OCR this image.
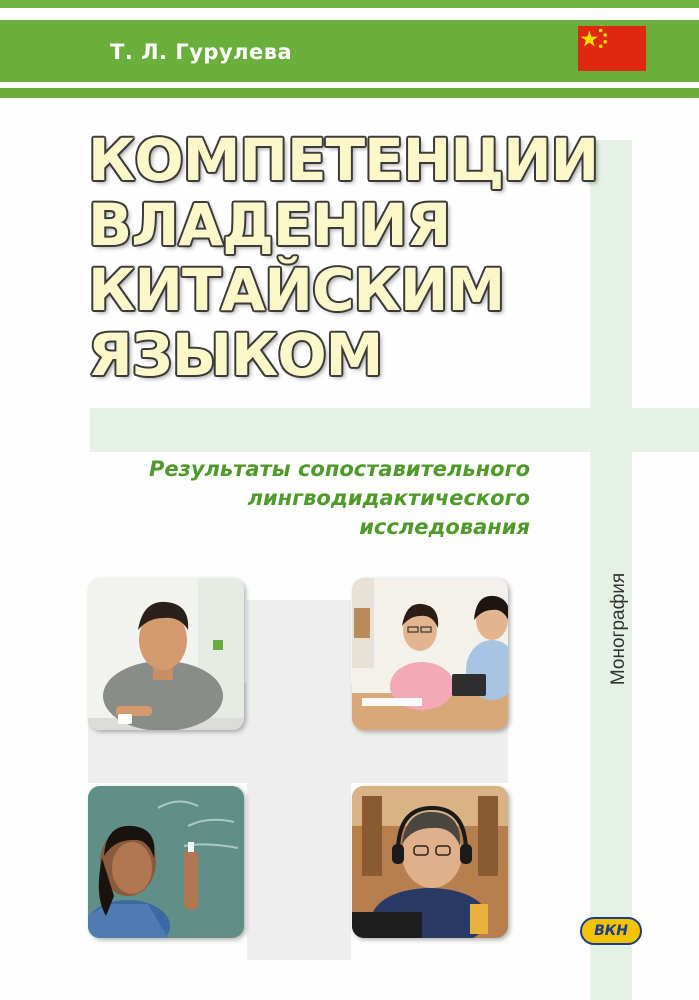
Т. Л. Гурулева
КОМПЕТЕНЦИИ
ВЛАДЕНИЯ
КИТАЙСКИМ
ЯЗЫКОМ
Результаты сопоставительного
лингводидактического
исследования
Монография
ВКН
